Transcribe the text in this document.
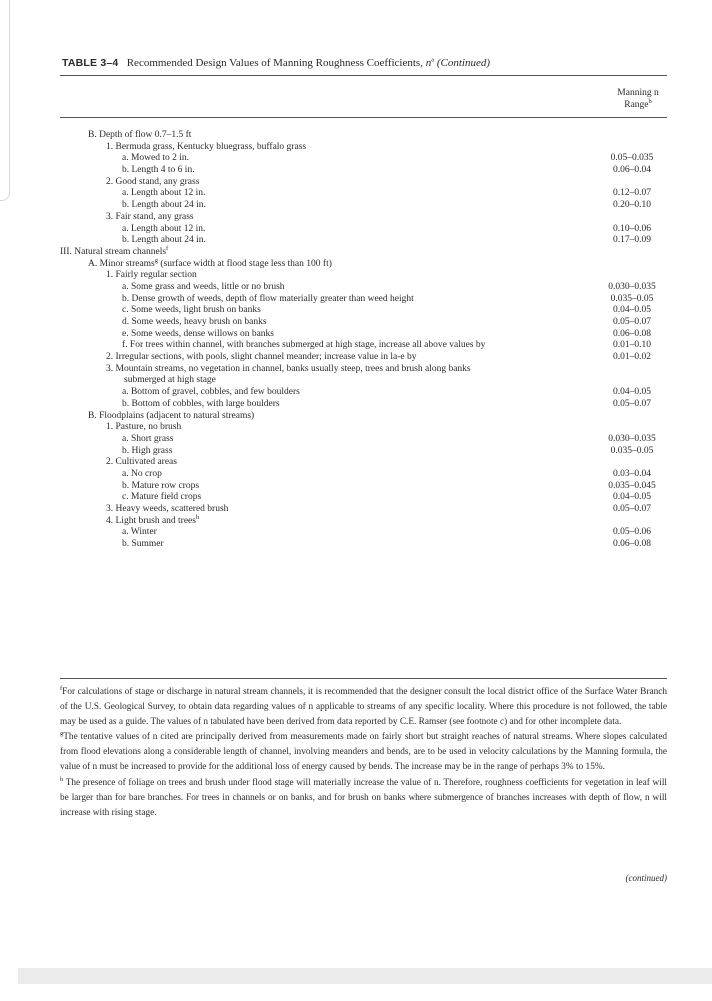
TABLE 3–4 Recommended Design Values of Manning Roughness Coefficients, $n^a$ (Continued)
Manning n
Range$^b$
B. Depth of flow 0.7–1.5 ft
1. Bermuda grass, Kentucky bluegrass, buffalo grass
a. Mowed to 2 in.	0.05–0.035
b. Length 4 to 6 in.	0.06–0.04
2. Good stand, any grass
a. Length about 12 in.	0.12–0.07
b. Length about 24 in.	0.20–0.10
3. Fair stand, any grass
a. Length about 12 in.	0.10–0.06
b. Length about 24 in.	0.17–0.09
III. Natural stream channels$^f$
A. Minor streams$^g$ (surface width at flood stage less than 100 ft)
1. Fairly regular section
a. Some grass and weeds, little or no brush	0.030–0.035
b. Dense growth of weeds, depth of flow materially greater than weed height	0.035–0.05
c. Some weeds, light brush on banks	0.04–0.05
d. Some weeds, heavy brush on banks	0.05–0.07
e. Some weeds, dense willows on banks	0.06–0.08
f. For trees within channel, with branches submerged at high stage, increase all above values by	0.01–0.10
2. Irregular sections, with pools, slight channel meander; increase value in la-e by	0.01–0.02
3. Mountain streams, no vegetation in channel, banks usually steep, trees and brush along banks
submerged at high stage
a. Bottom of gravel, cobbles, and few boulders	0.04–0.05
b. Bottom of cobbles, with large boulders	0.05–0.07
B. Floodplains (adjacent to natural streams)
1. Pasture, no brush
a. Short grass	0.030–0.035
b. High grass	0.035–0.05
2. Cultivated areas
a. No crop	0.03–0.04
b. Mature row crops	0.035–0.045
c. Mature field crops	0.04–0.05
3. Heavy weeds, scattered brush	0.05–0.07
4. Light brush and trees$^h$
a. Winter	0.05–0.06
b. Summer	0.06–0.08

$^f$For calculations of stage or discharge in natural stream channels, it is recommended that the designer consult the local district office of the Surface Water Branch of the U.S. Geological Survey, to obtain data regarding values of n applicable to streams of any specific locality. Where this procedure is not followed, the table may be used as a guide. The values of n tabulated have been derived from data reported by C.E. Ramser (see footnote c) and for other incomplete data.

$^g$The tentative values of n cited are principally derived from measurements made on fairly short but straight reaches of natural streams. Where slopes calculated from flood elevations along a considerable length of channel, involving meanders and bends, are to be used in velocity calculations by the Manning formula, the value of n must be increased to provide for the additional loss of energy caused by bends. The increase may be in the range of perhaps 3% to 15%.

$^h$ The presence of foliage on trees and brush under flood stage will materially increase the value of n. Therefore, roughness coefficients for vegetation in leaf will be larger than for bare branches. For trees in channels or on banks, and for brush on banks where submergence of branches increases with depth of flow, n will increase with rising stage.

(continued)
